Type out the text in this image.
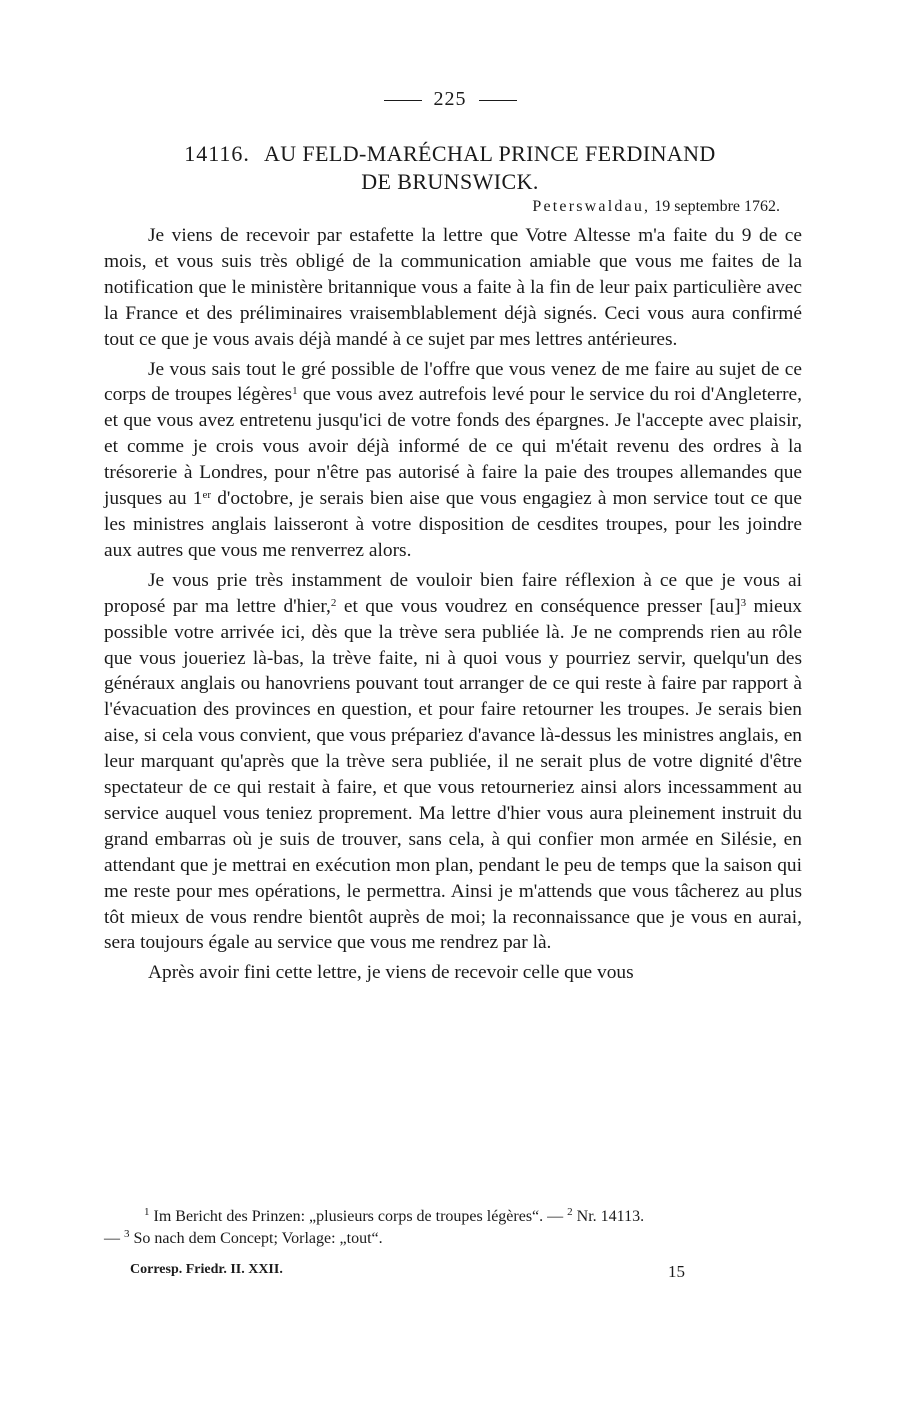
225
14116. AU FELD-MARÉCHAL PRINCE FERDINAND
DE BRUNSWICK.
Peterswaldau, 19 septembre 1762.

Je viens de recevoir par estafette la lettre que Votre Altesse m'a faite du 9 de ce mois, et vous suis très obligé de la communication amiable que vous me faites de la notification que le ministère britannique vous a faite à la fin de leur paix particulière avec la France et des préliminaires vraisemblablement déjà signés. Ceci vous aura confirmé tout ce que je vous avais déjà mandé à ce sujet par mes lettres antérieures.

Je vous sais tout le gré possible de l'offre que vous venez de me faire au sujet de ce corps de troupes légères$^1$ que vous avez autrefois levé pour le service du roi d'Angleterre, et que vous avez entretenu jusqu'ici de votre fonds des épargnes. Je l'accepte avec plaisir, et comme je crois vous avoir déjà informé de ce qui m'était revenu des ordres à la trésorerie à Londres, pour n'être pas autorisé à faire la paie des troupes allemandes que jusques au 1er d'octobre, je serais bien aise que vous engagiez à mon service tout ce que les ministres anglais laisseront à votre disposition de cesdites troupes, pour les joindre aux autres que vous me renverrez alors.

Je vous prie très instamment de vouloir bien faire réflexion à ce que je vous ai proposé par ma lettre d'hier,$^2$ et que vous voudrez en conséquence presser [au]$^3$ mieux possible votre arrivée ici, dès que la trève sera publiée là. Je ne comprends rien au rôle que vous joueriez là-bas, la trève faite, ni à quoi vous y pourriez servir, quelqu'un des généraux anglais ou hanovriens pouvant tout arranger de ce qui reste à faire par rapport à l'évacuation des provinces en question, et pour faire retourner les troupes. Je serais bien aise, si cela vous convient, que vous prépariez d'avance là-dessus les ministres anglais, en leur marquant qu'après que la trève sera publiée, il ne serait plus de votre dignité d'être spectateur de ce qui restait à faire, et que vous retourneriez ainsi alors incessamment au service auquel vous teniez proprement. Ma lettre d'hier vous aura pleinement instruit du grand embarras où je suis de trouver, sans cela, à qui confier mon armée en Silésie, en attendant que je mettrai en exécution mon plan, pendant le peu de temps que la saison qui me reste pour mes opérations, le permettra. Ainsi je m'attends que vous tâcherez au plus tôt mieux de vous rendre bientôt auprès de moi; la reconnaissance que je vous en aurai, sera toujours égale au service que vous me rendrez par là.

Après avoir fini cette lettre, je viens de recevoir celle que vous

$^1$ Im Bericht des Prinzen: „plusieurs corps de troupes légères“. — $^2$ Nr. 14113.

— $^3$ So nach dem Concept; Vorlage: „tout“.

Corresp. Friedr. II. XXII.	15
